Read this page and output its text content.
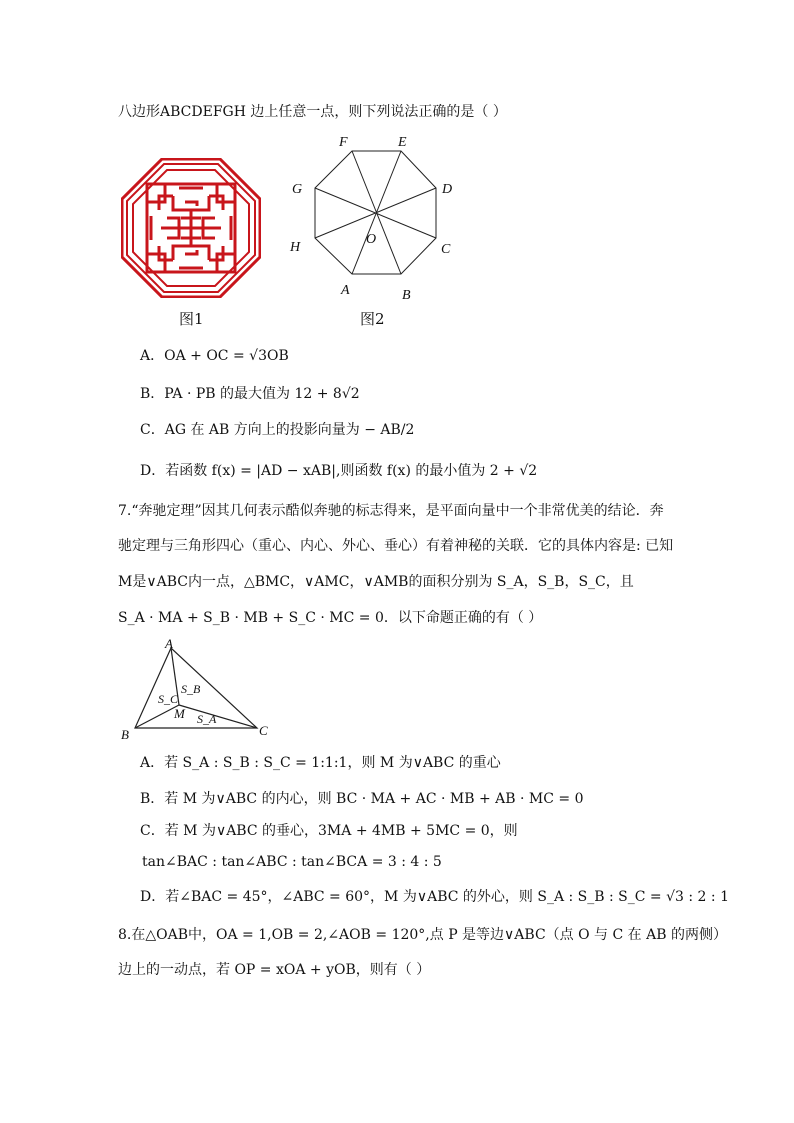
八边形ABCDEFGH 边上任意一点，则下列说法正确的是（ ）
图1
A	B
C
D
E
F
G
H
O
图2
A．OA + OC = √3OB
B．PA · PB 的最大值为 12 + 8√2
C．AG 在 AB 方向上的投影向量为 − AB/2
D．若函数 f(x) = |AD − xAB|,则函数 f(x) 的最小值为 2 + √2
7.“奔驰定理”因其几何表示酷似奔驰的标志得来，是平面向量中一个非常优美的结论．奔
驰定理与三角形四心（重心、内心、外心、垂心）有着神秘的关联．它的具体内容是: 已知
M是∨ABC内一点，△BMC，∨AMC，∨AMB的面积分别为 S_A，S_B，S_C，且
S_A · MA + S_B · MB + S_C · MC = 0．以下命题正确的有（ ）
A
B	C
M
S_B
S_C
S_A
A．若 S_A : S_B : S_C = 1:1:1，则 M 为∨ABC 的重心
B．若 M 为∨ABC 的内心，则 BC · MA + AC · MB + AB · MC = 0
C．若 M 为∨ABC 的垂心，3MA + 4MB + 5MC = 0，则
tan∠BAC : tan∠ABC : tan∠BCA = 3 : 4 : 5
D．若∠BAC = 45°，∠ABC = 60°，M 为∨ABC 的外心，则 S_A : S_B : S_C = √3 : 2 : 1
8.在△OAB中，OA = 1,OB = 2,∠AOB = 120°,点 P 是等边∨ABC（点 O 与 C 在 AB 的两侧）
边上的一动点，若 OP = xOA + yOB，则有（ ）
